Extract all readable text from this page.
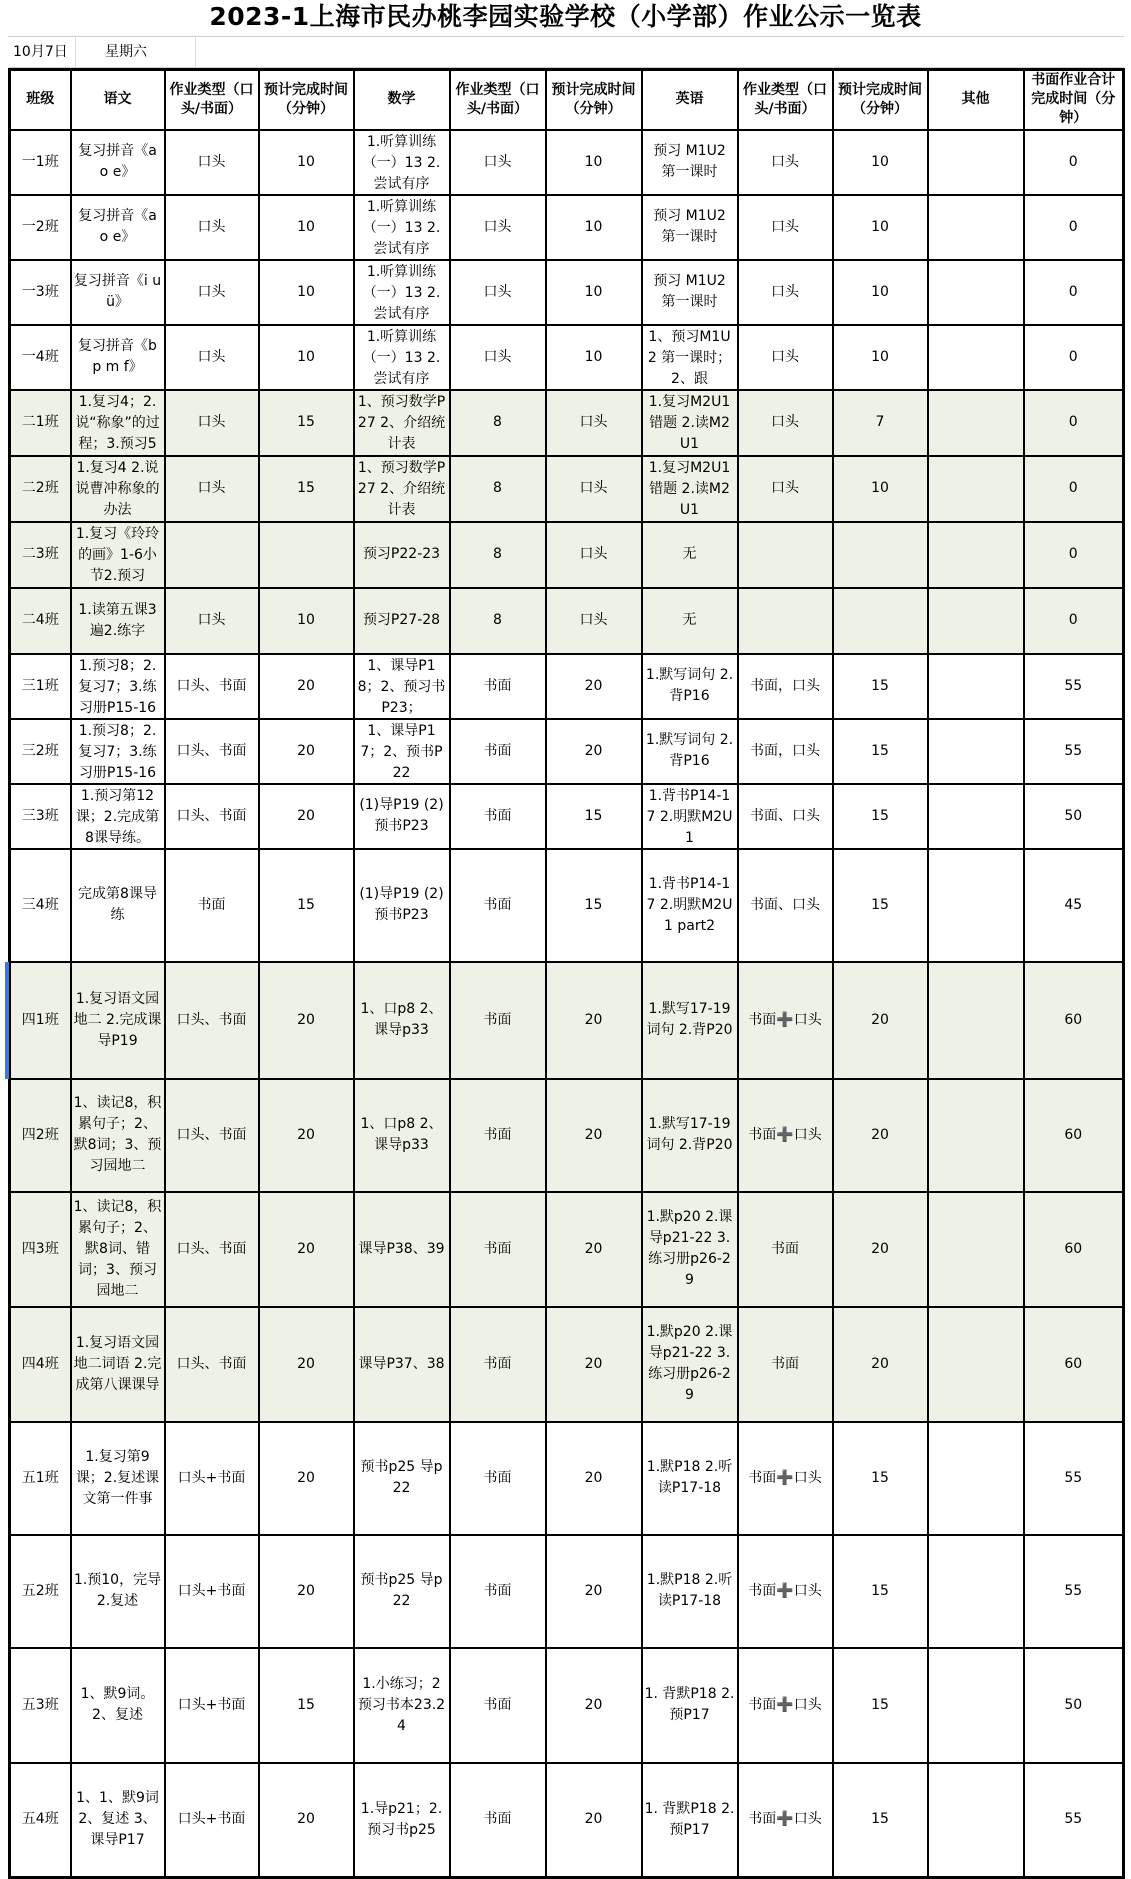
2023-1上海市民办桃李园实验学校（小学部）作业公示一览表
10月7日	星期六
班级	语文	作业类型（口头/书面）	预计完成时间（分钟）	数学	作业类型（口头/书面）	预计完成时间（分钟）	英语	作业类型（口头/书面）	预计完成时间（分钟）	其他	书面作业合计完成时间（分钟）

一1班	复习拼音《a o e》	口头	10	1.听算训练（一）13 2.尝试有序	口头	10	预习 M1U2 第一课时	口头	10		0

一2班	复习拼音《a o e》	口头	10	1.听算训练（一）13 2.尝试有序	口头	10	预习 M1U2 第一课时	口头	10		0

一3班	复习拼音《i u ü》	口头	10	1.听算训练（一）13 2.尝试有序	口头	10	预习 M1U2 第一课时	口头	10		0

一4班	复习拼音《b p m f》	口头	10	1.听算训练（一）13 2.尝试有序	口头	10	1、预习M1U2 第一课时；2、跟	口头	10		0

二1班	1.复习4；2.说“称象”的过程；3.预习5	口头	15	1、预习数学P27 2、介绍统计表	8	口头	1.复习M2U1错题 2.读M2U1	口头	7		0

二2班	1.复习4 2.说说曹冲称象的办法	口头	15	1、预习数学P27 2、介绍统计表	8	口头	1.复习M2U1错题 2.读M2U1	口头	10		0

二3班	1.复习《玲玲的画》1-6小节2.预习			预习P22-23	8	口头	无				0

二4班	1.读第五课3遍2.练字	口头	10	预习P27-28	8	口头	无				0

三1班	1.预习8；2.复习7；3.练习册P15-16	口头、书面	20	1、课导P18；2、预习书P23；	书面	20	1.默写词句 2.背P16	书面，口头	15		55

三2班	1.预习8；2.复习7；3.练习册P15-16	口头、书面	20	1、课导P17；2、预书P22	书面	20	1.默写词句 2.背P16	书面，口头	15		55

三3班	1.预习第12课；2.完成第8课导练。	口头、书面	20	(1)导P19 (2)预书P23	书面	15	1.背书P14-17 2.明默M2U1	书面、口头	15		50

三4班	完成第8课导练	书面	15	(1)导P19 (2)预书P23	书面	15	1.背书P14-17 2.明默M2U1 part2	书面、口头	15		45

四1班	1.复习语文园地二 2.完成课导P19	口头、书面	20	1、口p8 2、课导p33	书面	20	1.默写17-19词句 2.背P20	书面➕口头	20		60

四2班	1、读记8，积累句子；2、默8词；3、预习园地二	口头、书面	20	1、口p8 2、课导p33	书面	20	1.默写17-19词句 2.背P20	书面➕口头	20		60

四3班	1、读记8，积累句子；2、默8词、错词；3、预习园地二	口头、书面	20	课导P38、39	书面	20	1.默p20 2.课导p21-22 3.练习册p26-29	书面	20		60

四4班	1.复习语文园地二词语 2.完成第八课课导	口头、书面	20	课导P37、38	书面	20	1.默p20 2.课导p21-22 3.练习册p26-29	书面	20		60

五1班	1.复习第9课；2.复述课文第一件事	口头+书面	20	预书p25 导p22	书面	20	1.默P18 2.听读P17-18	书面➕口头	15		55

五2班	1.预10，完导 2.复述	口头+书面	20	预书p25 导p22	书面	20	1.默P18 2.听读P17-18	书面➕口头	15		55

五3班	1、默9词。2、复述	口头+书面	15	1.小练习；2 预习书本23.24	书面	20	1. 背默P18 2. 预P17	书面➕口头	15		50

五4班	1、1、默9词 2、复述 3、课导P17	口头+书面	20	1.导p21；2.预习书p25	书面	20	1. 背默P18 2. 预P17	书面➕口头	15		55
